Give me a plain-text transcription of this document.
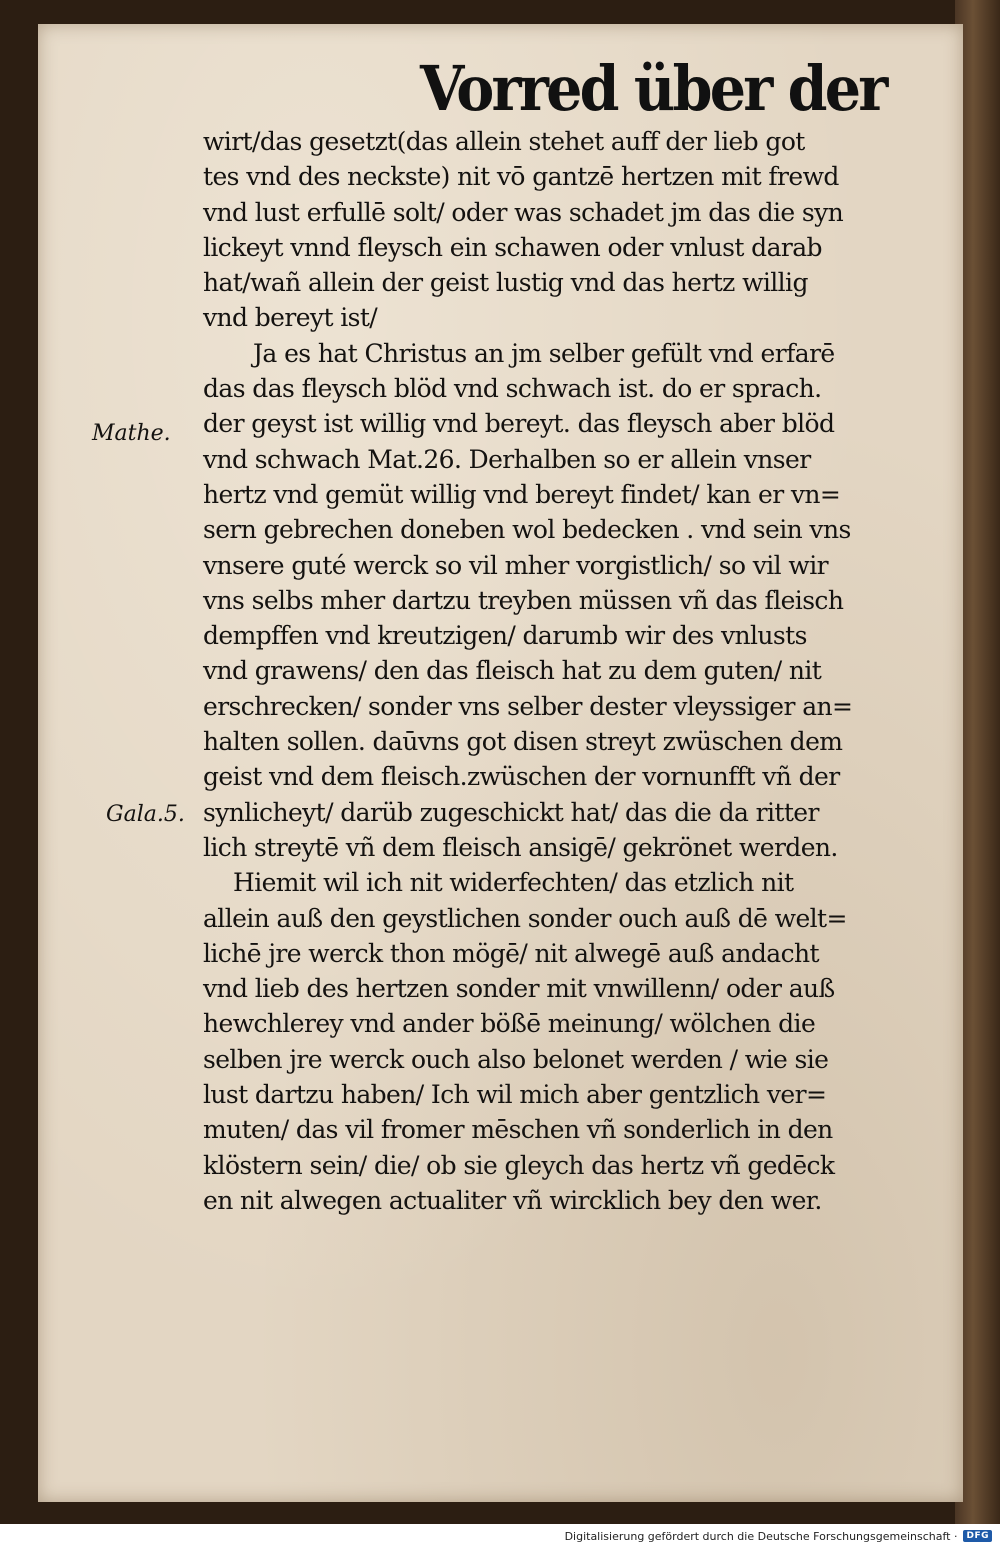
Vorred über der
wirt/das gesetzt(das allein stehet auff der lieb got
tes vnd des neckste) nit vō gantzē hertzen mit frewd
vnd lust erfullē solt/ oder was schadet jm das die syn
lickeyt vnnd fleysch ein schawen oder vnlust darab
hat/wañ allein der geist lustig vnd das hertz willig
vnd bereyt ist/
Ja es hat Christus an jm selber gefült vnd erfarē
das das fleysch blöd vnd schwach ist. do er sprach.
der geyst ist willig vnd bereyt. das fleysch aber blöd
vnd schwach Mat.26. Derhalben so er allein vnser
hertz vnd gemüt willig vnd bereyt findet/ kan er vn=
sern gebrechen doneben wol bedecken . vnd sein vns
vnsere guté werck so vil mher vorgistlich/ so vil wir
vns selbs mher dartzu treyben müssen vñ das fleisch
dempffen vnd kreutzigen/ darumb wir des vnlusts
vnd grawens/ den das fleisch hat zu dem guten/ nit
erschrecken/ sonder vns selber dester vleyssiger an=
halten sollen. daūvns got disen streyt zwüschen dem
geist vnd dem fleisch.zwüschen der vornunfft vñ der
synlicheyt/ darüb zugeschickt hat/ das die da ritter
lich streytē vñ dem fleisch ansigē/ gekrönet werden.
Hiemit wil ich nit widerfechten/ das etzlich nit
allein auß den geystlichen sonder ouch auß dē welt=
lichē jre werck thon mögē/ nit alwegē auß andacht
vnd lieb des hertzen sonder mit vnwillenn/ oder auß
hewchlerey vnd ander bößē meinung/ wölchen die
selben jre werck ouch also belonet werden / wie sie
lust dartzu haben/ Ich wil mich aber gentzlich ver=
muten/ das vil fromer mēschen vñ sonderlich in den
klöstern sein/ die/ ob sie gleych das hertz vñ gedēck
en nit alwegen actualiter vñ wircklich bey den wer.
Mathe.
Gala.5.
Digitalisierung gefördert durch die Deutsche Forschungsgemeinschaft ·	DFG
